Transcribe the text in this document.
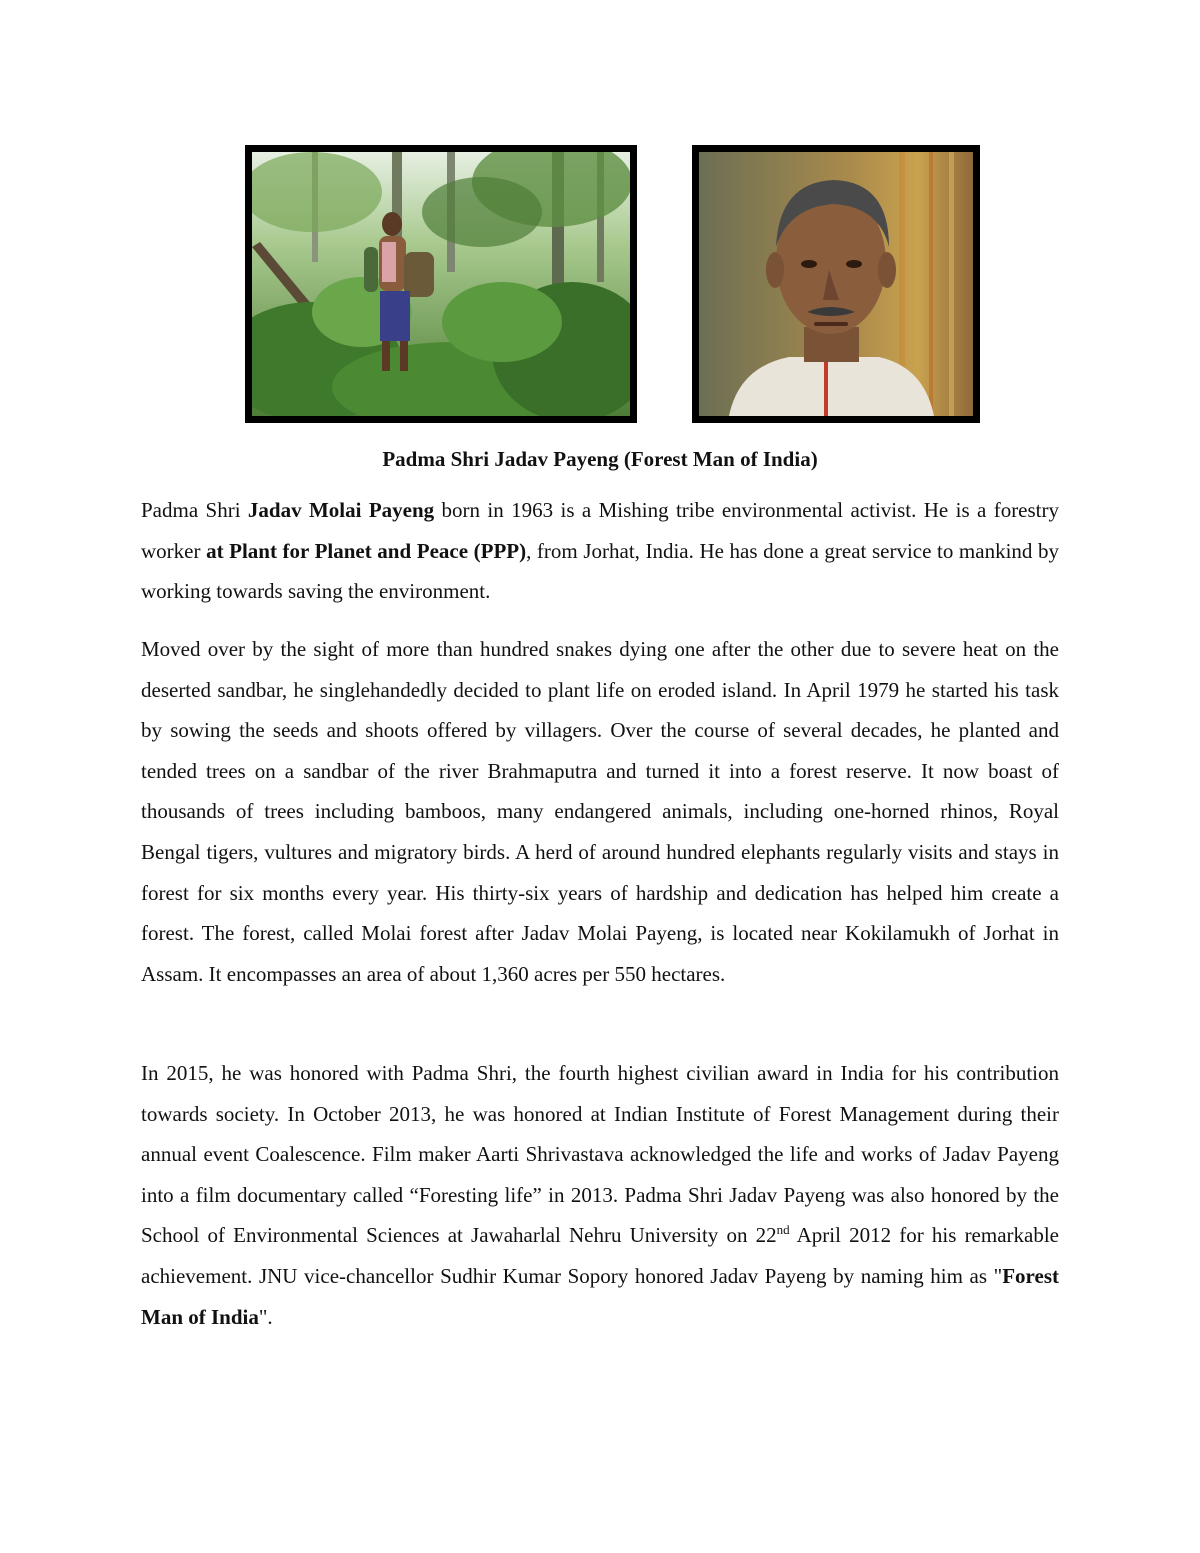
Padma Shri Jadav Payeng (Forest Man of India)

Padma Shri Jadav Molai Payeng born in 1963 is a Mishing tribe environmental activist. He is a forestry worker at Plant for Planet and Peace (PPP), from Jorhat, India. He has done a great service to mankind by working towards saving the environment.

Moved over by the sight of more than hundred snakes dying one after the other due to severe heat on the deserted sandbar, he singlehandedly decided to plant life on eroded island. In April 1979 he started his task by sowing the seeds and shoots offered by villagers. Over the course of several decades, he planted and tended trees on a sandbar of the river Brahmaputra and turned it into a forest reserve. It now boast of thousands of trees including bamboos, many endangered animals, including one-horned rhinos, Royal Bengal tigers, vultures and migratory birds. A herd of around hundred elephants regularly visits and stays in forest for six months every year. His thirty-six years of hardship and dedication has helped him create a forest. The forest, called Molai forest after Jadav Molai Payeng, is located near Kokilamukh of Jorhat in Assam. It encompasses an area of about 1,360 acres per 550 hectares.

In 2015, he was honored with Padma Shri, the fourth highest civilian award in India for his contribution towards society. In October 2013, he was honored at Indian Institute of Forest Management during their annual event Coalescence. Film maker Aarti Shrivastava acknowledged the life and works of Jadav Payeng into a film documentary called “Foresting life” in 2013. Padma Shri Jadav Payeng was also honored by the School of Environmental Sciences at Jawaharlal Nehru University on 22nd April 2012 for his remarkable achievement. JNU vice-chancellor Sudhir Kumar Sopory honored Jadav Payeng by naming him as "Forest Man of India".
